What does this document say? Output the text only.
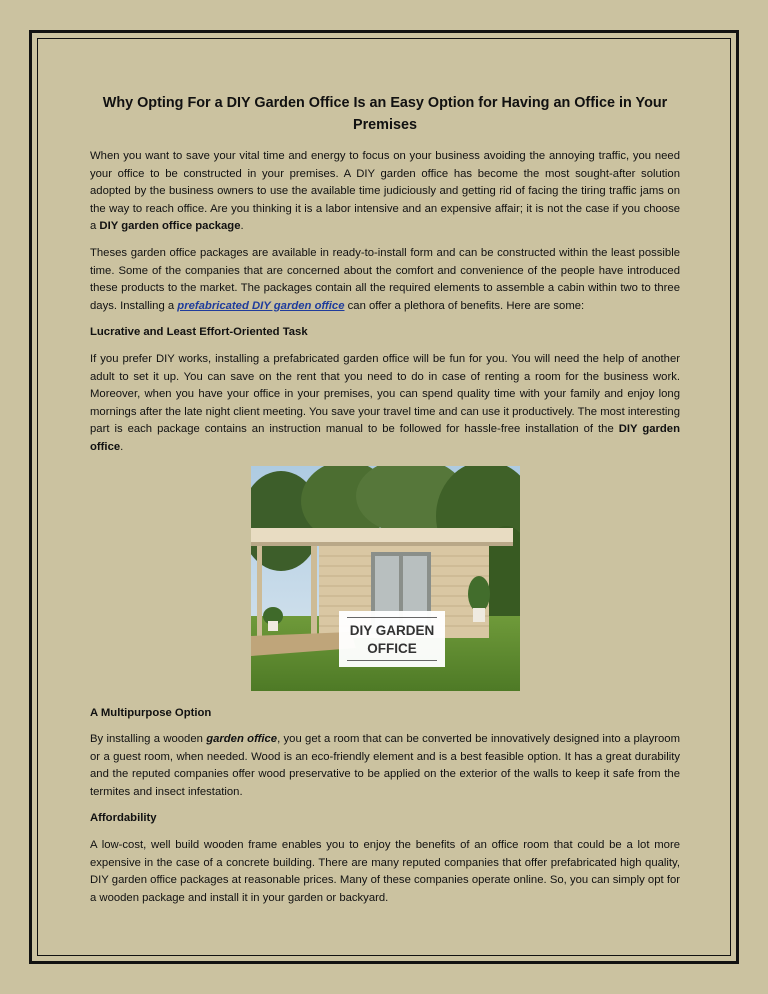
Why Opting For a DIY Garden Office Is an Easy Option for Having an Office in Your Premises

When you want to save your vital time and energy to focus on your business avoiding the annoying traffic, you need your office to be constructed in your premises. A DIY garden office has become the most sought-after solution adopted by the business owners to use the available time judiciously and getting rid of facing the tiring traffic jams on the way to reach office. Are you thinking it is a labor intensive and an expensive affair; it is not the case if you choose a DIY garden office package.

Theses garden office packages are available in ready-to-install form and can be constructed within the least possible time. Some of the companies that are concerned about the comfort and convenience of the people have introduced these products to the market. The packages contain all the required elements to assemble a cabin within two to three days. Installing a prefabricated DIY garden office can offer a plethora of benefits. Here are some:

Lucrative and Least Effort-Oriented Task

If you prefer DIY works, installing a prefabricated garden office will be fun for you. You will need the help of another adult to set it up. You can save on the rent that you need to do in case of renting a room for the business work. Moreover, when you have your office in your premises, you can spend quality time with your family and enjoy long mornings after the late night client meeting. You save your travel time and can use it productively. The most interesting part is each package contains an instruction manual to be followed for hassle-free installation of the DIY garden office.

DIY GARDEN
OFFICE
A Multipurpose Option

By installing a wooden garden office, you get a room that can be converted be innovatively designed into a playroom or a guest room, when needed. Wood is an eco-friendly element and is a best feasible option. It has a great durability and the reputed companies offer wood preservative to be applied on the exterior of the walls to keep it safe from the termites and insect infestation.

Affordability

A low-cost, well build wooden frame enables you to enjoy the benefits of an office room that could be a lot more expensive in the case of a concrete building. There are many reputed companies that offer prefabricated high quality, DIY garden office packages at reasonable prices. Many of these companies operate online. So, you can simply opt for a wooden package and install it in your garden or backyard.
